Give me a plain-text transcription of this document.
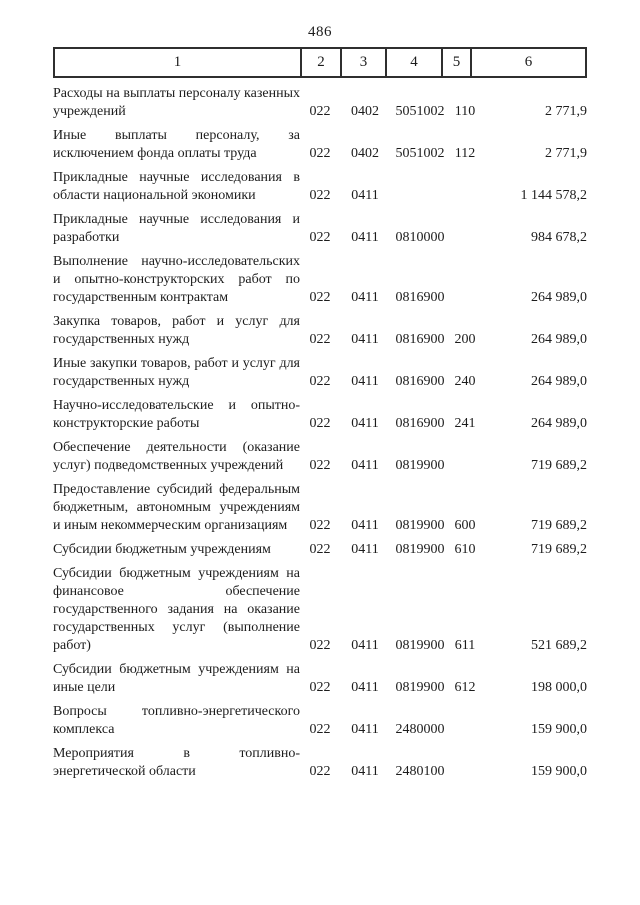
486
1	2	3	4	5	6
Расходы на выплаты персоналу казенных учреждений	022	0402	5051002 110	2 771,9
Иные выплаты персоналу, за исключением фонда оплаты труда	022	0402	5051002 112	2 771,9
Прикладные научные исследования в области национальной экономики	022	0411	1 144 578,2
Прикладные научные исследования и разработки	022	0411	0810000	984 678,2
Выполнение научно-исследовательских и опытно-конструкторских работ по государственным контрактам	022	0411	0816900	264 989,0
Закупка товаров, работ и услуг для государственных нужд	022	0411	0816900 200	264 989,0
Иные закупки товаров, работ и услуг для государственных нужд	022	0411	0816900 240	264 989,0
Научно-исследовательские и опытно-конструкторские работы	022	0411	0816900 241	264 989,0
Обеспечение деятельности (оказание услуг) подведомственных учреждений	022	0411	0819900	719 689,2
Предоставление субсидий федеральным бюджетным, автономным учреждениям и иным некоммерческим организациям	022	0411	0819900 600	719 689,2
Субсидии бюджетным учреждениям	022	0411	0819900 610	719 689,2
Субсидии бюджетным учреждениям на финансовое обеспечение государственного задания на оказание государственных услуг (выполнение работ)	022	0411	0819900 611	521 689,2
Субсидии бюджетным учреждениям на иные цели	022	0411	0819900 612	198 000,0
Вопросы топливно-энергетического комплекса	022	0411	2480000	159 900,0
Мероприятия в топливно-энергетической области	022	0411	2480100	159 900,0
